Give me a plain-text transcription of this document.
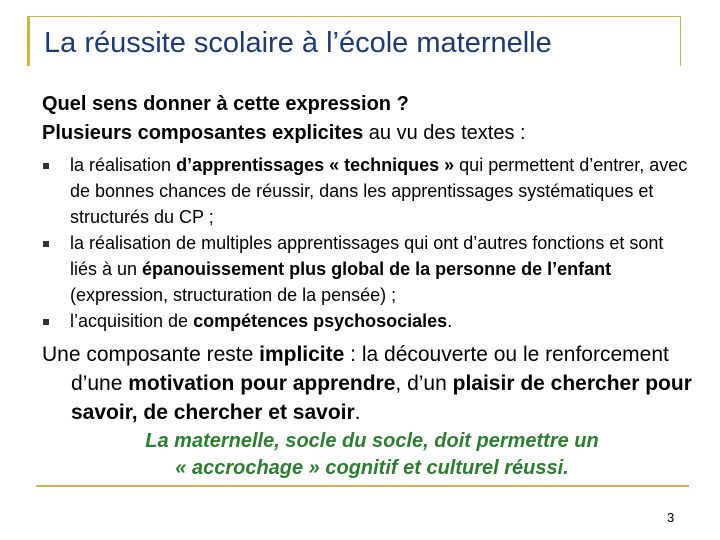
La réussite scolaire à l’école maternelle

Quel sens donner à cette expression ?

Plusieurs composantes explicites au vu des textes :

la réalisation d’apprentissages « techniques » qui permettent d’entrer, avec de bonnes chances de réussir, dans les apprentissages systématiques et structurés du CP ;
la réalisation de multiples apprentissages qui ont d’autres fonctions et sont liés à un épanouissement plus global de la personne de l’enfant (expression, structuration de la pensée) ;
l’acquisition de compétences psychosociales.

Une composante reste implicite : la découverte ou le renforcement d’une motivation pour apprendre, d’un plaisir de chercher pour savoir, de chercher et savoir.

La maternelle, socle du socle, doit permettre un
« accrochage » cognitif et culturel réussi.

3
